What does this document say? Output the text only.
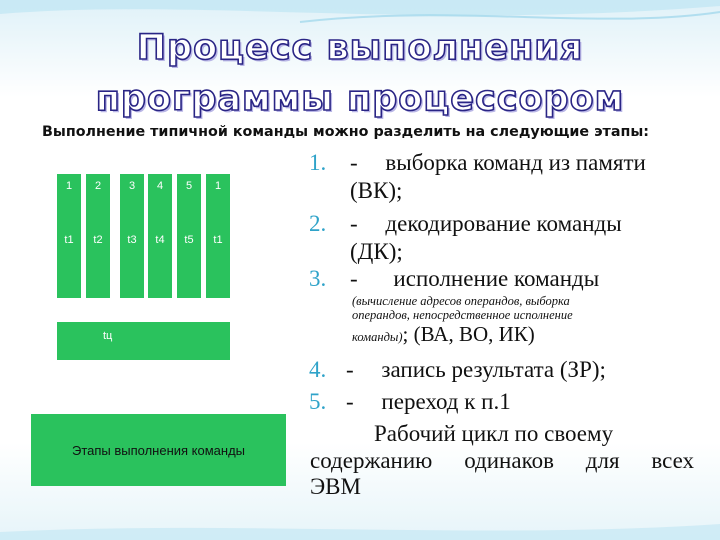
Процесс выполнения
программы процессором
Выполнение типичной команды можно разделить на следующие этапы:
1
t1
2
t2
3
t3
4
t4
5
t5
1
t1
tц
Этапы выполнения команды
1. - выборка команд из памяти
(ВК);
2. - декодирование команды
(ДК);
3. - исполнение команды
(вычисление адресов операндов, выборка
операндов, непосредственное исполнение
команды); (ВА, ВО, ИК)
4. - запись результата (ЗР);
5. - переход к п.1
Рабочий цикл по своему
содержанию одинаков для всех
ЭВМ
